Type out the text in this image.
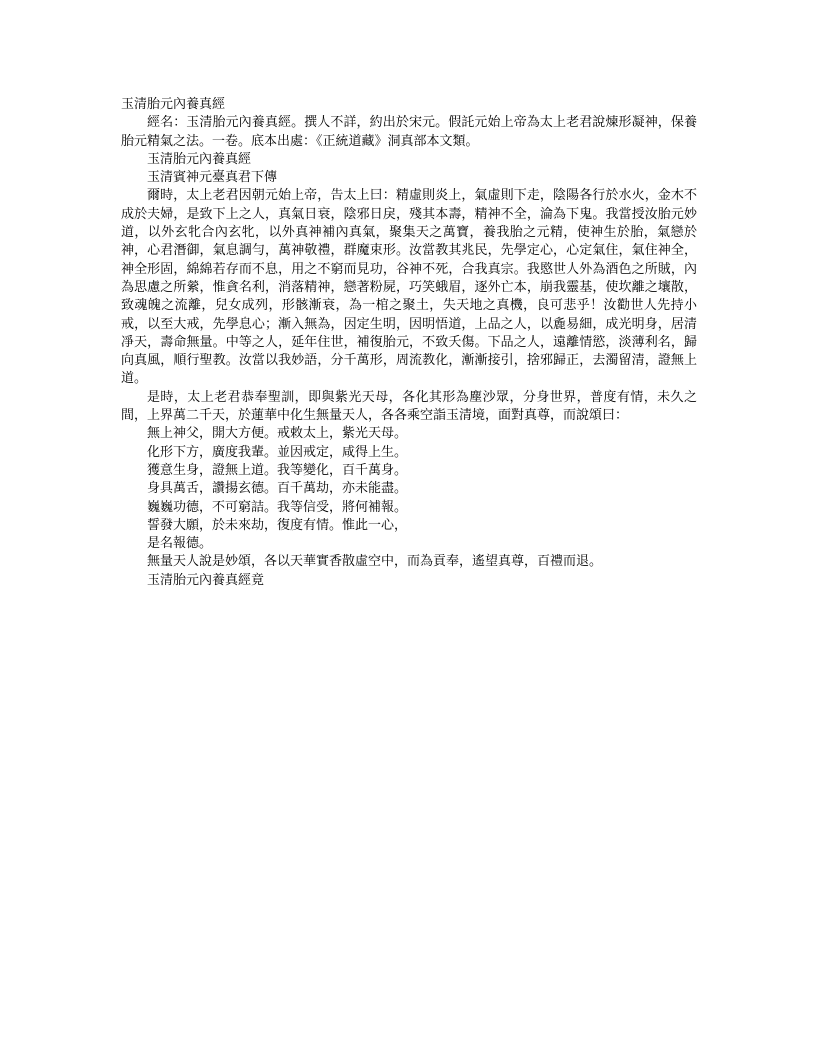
玉清胎元內養真經

經名：玉清胎元內養真經。撰人不詳，約出於宋元。假託元始上帝為太上老君說煉形凝神，保養胎元精氣之法。一卷。底本出處：《正統道藏》洞真部本文類。

玉清胎元內養真經

玉清賓神元臺真君下傳

爾時，太上老君因朝元始上帝，告太上曰：精虛則炎上，氣虛則下走，陰陽各行於水火，金木不成於夫婦，是致下上之人，真氣日衰，陰邪日戾，殘其本壽，精神不全，淪為下鬼。我當授汝胎元妙道，以外玄牝合內玄牝，以外真神補內真氣，聚集天之萬寶，養我胎之元精，使神生於胎，氣戀於神，心君潛御，氣息調勻，萬神敬禮，群魔束形。汝當教其兆民，先學定心，心定氣住，氣住神全，神全形固，綿綿若存而不息，用之不窮而見功，谷神不死，合我真宗。我愍世人外為酒色之所賊，內為思慮之所縈，惟貪名利，消落精神，戀著粉屍，巧笑蛾眉，逐外亡本，崩我靈基，使坎離之壤散，致魂魄之流離，兒女成列，形骸漸衰，為一棺之聚土，失天地之真機，良可悲乎！汝勸世人先持小戒，以至大戒，先學息心；漸入無為，因定生明，因明悟道，上品之人，以麁易細，成光明身，居清凈天，壽命無量。中等之人，延年住世，補復胎元，不致夭傷。下品之人，遠離情慾，淡薄利名，歸向真風，順行聖教。汝當以我妙語，分千萬形，周流教化，漸漸接引，捨邪歸正，去濁留清，證無上道。

是時，太上老君恭奉聖訓，即與紫光天母，各化其形為塵沙眾，分身世界，普度有情，未久之間，上界萬二千天，於蓮華中化生無量天人，各各乘空詣玉清境，面對真尊，而說頌曰：

無上神父，開大方便。戒敕太上，紫光天母。

化形下方，廣度我輩。並因戒定，咸得上生。

獲意生身，證無上道。我等變化，百千萬身。

身具萬舌，讚揚玄德。百千萬劫，亦未能盡。

巍巍功德，不可窮詰。我等信受，將何補報。

誓發大願，於未來劫，復度有情。惟此一心，

是名報德。

無量天人說是妙頌，各以天華實香散虛空中，而為貢奉，遙望真尊，百禮而退。

玉清胎元內養真經竟
